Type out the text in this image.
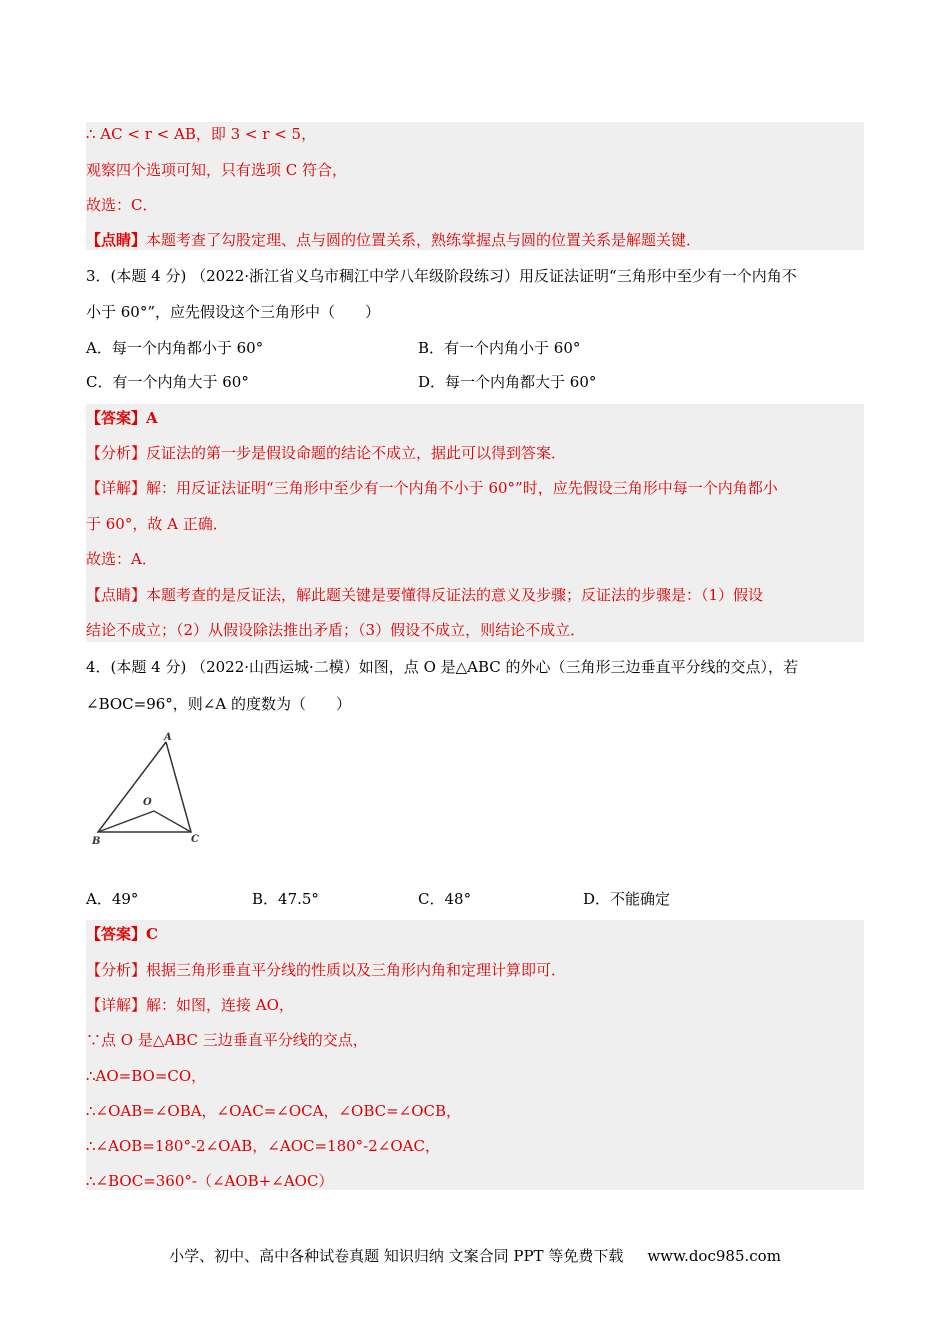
∴ AC < r < AB，即 3 < r < 5，
观察四个选项可知，只有选项 C 符合，
故选：C．
【点睛】本题考查了勾股定理、点与圆的位置关系，熟练掌握点与圆的位置关系是解题关键．
3．(本题 4 分) （2022·浙江省义乌市稠江中学八年级阶段练习）用反证法证明“三角形中至少有一个内角不
小于 60°”，应先假设这个三角形中（　　）
A．每一个内角都小于 60°	B．有一个内角小于 60°
C．有一个内角大于 60°	D．每一个内角都大于 60°
【答案】A
【分析】反证法的第一步是假设命题的结论不成立，据此可以得到答案．
【详解】解：用反证法证明“三角形中至少有一个内角不小于 60°”时，应先假设三角形中每一个内角都小
于 60°，故 A 正确．
故选：A．
【点睛】本题考查的是反证法，解此题关键是要懂得反证法的意义及步骤；反证法的步骤是：（1）假设
结论不成立；（2）从假设除法推出矛盾；（3）假设不成立，则结论不成立．
4．(本题 4 分) （2022·山西运城·二模）如图，点 O 是△ABC 的外心（三角形三边垂直平分线的交点），若
∠BOC=96°，则∠A 的度数为（　　）
A
B	C
O
A．49°	B．47.5°	C．48°	D．不能确定
【答案】C
【分析】根据三角形垂直平分线的性质以及三角形内角和定理计算即可．
【详解】解：如图，连接 AO，
∵点 O 是△ABC 三边垂直平分线的交点，
∴AO=BO=CO，
∴∠OAB=∠OBA，∠OAC=∠OCA，∠OBC=∠OCB，
∴∠AOB=180°-2∠OAB，∠AOC=180°-2∠OAC，
∴∠BOC=360°-（∠AOB+∠AOC）
小学、初中、高中各种试卷真题 知识归纳 文案合同 PPT 等免费下载 www.doc985.com
